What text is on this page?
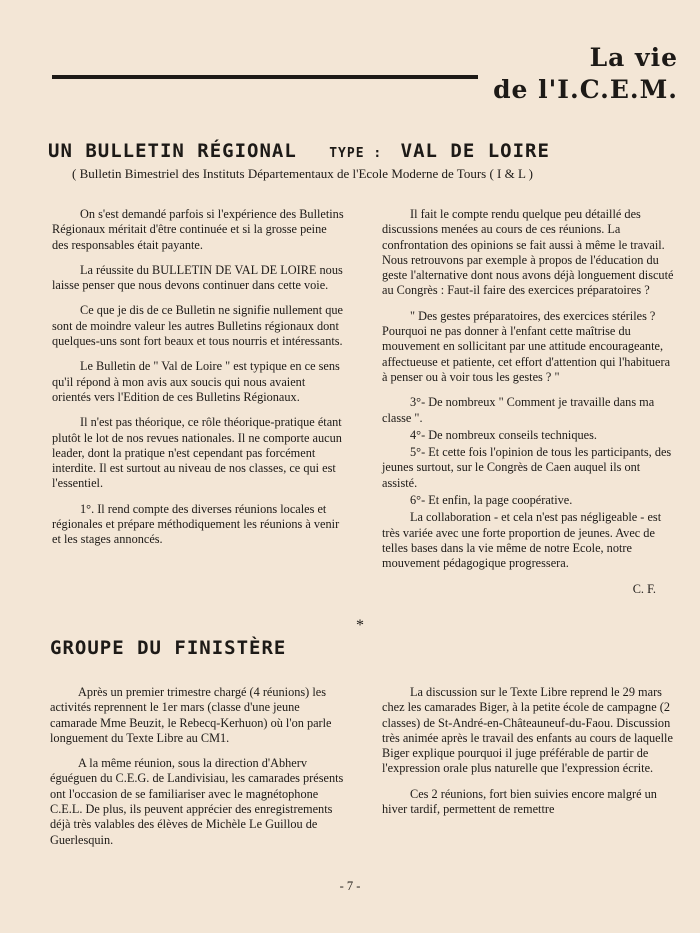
La vie
de l'I.C.E.M.
UN BULLETIN RÉGIONAL TYPE : VAL DE LOIRE
( Bulletin Bimestriel des Instituts Départementaux de l'Ecole Moderne de Tours ( I & L )

On s'est demandé parfois si l'expérience des Bulletins Régionaux méritait d'être continuée et si la grosse peine des responsables était payante.

La réussite du BULLETIN DE VAL DE LOIRE nous laisse penser que nous devons continuer dans cette voie.

Ce que je dis de ce Bulletin ne signifie nullement que sont de moindre valeur les autres Bulletins régionaux dont quelques-uns sont fort beaux et tous nourris et intéressants.

Le Bulletin de " Val de Loire " est typique en ce sens qu'il répond à mon avis aux soucis qui nous avaient orientés vers l'Edition de ces Bulletins Régionaux.

Il n'est pas théorique, ce rôle théorique-pratique étant plutôt le lot de nos revues nationales. Il ne comporte aucun leader, dont la pratique n'est cependant pas forcément interdite. Il est surtout au niveau de nos classes, ce qui est l'essentiel.

1°. Il rend compte des diverses réunions locales et régionales et prépare méthodiquement les réunions à venir et les stages annoncés.

Il fait le compte rendu quelque peu détaillé des discussions menées au cours de ces réunions. La confrontation des opinions se fait aussi à même le travail. Nous retrouvons par exemple à propos de l'éducation du geste l'alternative dont nous avons déjà longuement discuté au Congrès : Faut-il faire des exercices préparatoires ?

" Des gestes préparatoires, des exercices stériles ? Pourquoi ne pas donner à l'enfant cette maîtrise du mouvement en sollicitant par une attitude encourageante, affectueuse et patiente, cet effort d'attention qui l'habituera à penser ou à voir tous les gestes ? "

3°- De nombreux " Comment je travaille dans ma classe ".

4°- De nombreux conseils techniques.

5°- Et cette fois l'opinion de tous les participants, des jeunes surtout, sur le Congrès de Caen auquel ils ont assisté.

6°- Et enfin, la page coopérative.

La collaboration - et cela n'est pas négligeable - est très variée avec une forte proportion de jeunes. Avec de telles bases dans la vie même de notre Ecole, notre mouvement pédagogique progressera.

C. F.
*
GROUPE DU FINISTÈRE

Après un premier trimestre chargé (4 réunions) les activités reprennent le 1er mars (classe d'une jeune camarade Mme Beuzit, le Rebecq-Kerhuon) où l'on parle longuement du Texte Libre au CM1.

A la même réunion, sous la direction d'Abherv éguéguen du C.E.G. de Landivisiau, les camarades présents ont l'occasion de se familiariser avec le magnétophone C.E.L. De plus, ils peuvent apprécier des enregistrements déjà très valables des élèves de Michèle Le Guillou de Guerlesquin.

La discussion sur le Texte Libre reprend le 29 mars chez les camarades Biger, à la petite école de campagne (2 classes) de St-André-en-Châteauneuf-du-Faou. Discussion très animée après le travail des enfants au cours de laquelle Biger explique pourquoi il juge préférable de partir de l'expression orale plus naturelle que l'expression écrite.

Ces 2 réunions, fort bien suivies encore malgré un hiver tardif, permettent de remettre

- 7 -
